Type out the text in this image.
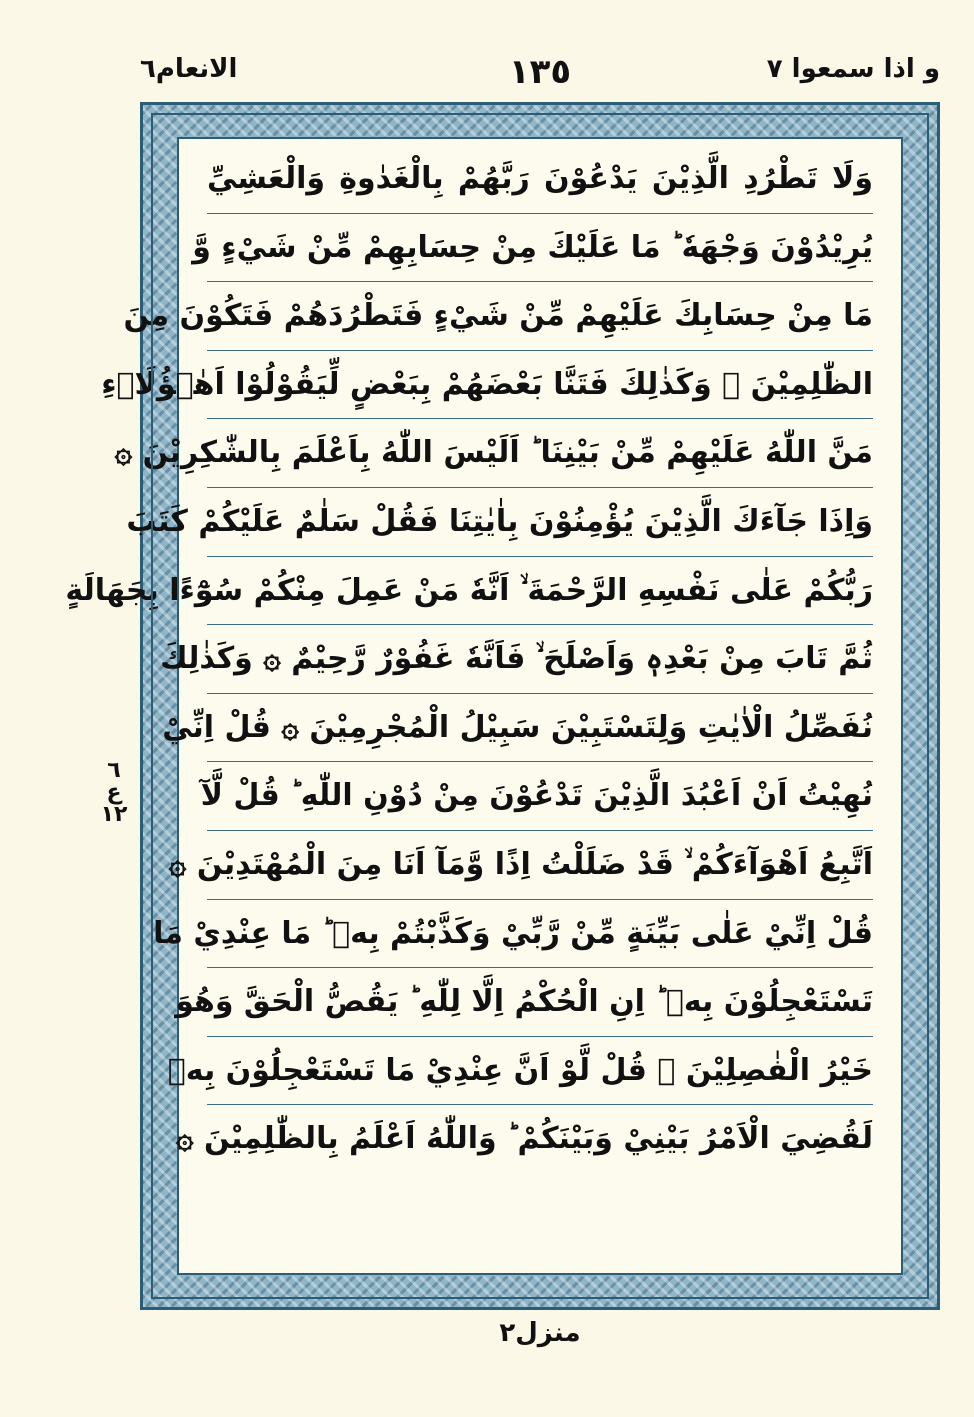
الانعام٦	١٣٥	و اذا سمعوا ٧
وَلَا تَطْرُدِ الَّذِيْنَ يَدْعُوْنَ رَبَّهُمْ بِالْغَدٰوةِ وَالْعَشِيِّ
يُرِيْدُوْنَ وَجْهَهٗ ؕ مَا عَلَيْكَ مِنْ حِسَابِهِمْ مِّنْ شَيْءٍ وَّ
مَا مِنْ حِسَابِكَ عَلَيْهِمْ مِّنْ شَيْءٍ فَتَطْرُدَهُمْ فَتَكُوْنَ مِنَ
الظّٰلِمِيْنَ ۞ وَكَذٰلِكَ فَتَنَّا بَعْضَهُمْ بِبَعْضٍ لِّيَقُوْلُوْا اَهٰۤؤُلَاۤءِ
مَنَّ اللّٰهُ عَلَيْهِمْ مِّنْ بَيْنِنَا ؕ اَلَيْسَ اللّٰهُ بِاَعْلَمَ بِالشّٰكِرِيْنَ ۞
وَاِذَا جَآءَكَ الَّذِيْنَ يُؤْمِنُوْنَ بِاٰيٰتِنَا فَقُلْ سَلٰمٌ عَلَيْكُمْ كَتَبَ
رَبُّكُمْ عَلٰى نَفْسِهِ الرَّحْمَةَ ۙ اَنَّهٗ مَنْ عَمِلَ مِنْكُمْ سُوْٓءًا بِجَهَالَةٍ
ثُمَّ تَابَ مِنْ بَعْدِهٖ وَاَصْلَحَ ۙ فَاَنَّهٗ غَفُوْرٌ رَّحِيْمٌ ۞ وَكَذٰلِكَ
نُفَصِّلُ الْاٰيٰتِ وَلِتَسْتَبِيْنَ سَبِيْلُ الْمُجْرِمِيْنَ ۞ قُلْ اِنِّيْ
نُهِيْتُ اَنْ اَعْبُدَ الَّذِيْنَ تَدْعُوْنَ مِنْ دُوْنِ اللّٰهِ ؕ قُلْ لَّآ
اَتَّبِعُ اَهْوَآءَكُمْ ۙ قَدْ ضَلَلْتُ اِذًا وَّمَآ اَنَا مِنَ الْمُهْتَدِيْنَ ۞
قُلْ اِنِّيْ عَلٰى بَيِّنَةٍ مِّنْ رَّبِّيْ وَكَذَّبْتُمْ بِهٖ ؕ مَا عِنْدِيْ مَا
تَسْتَعْجِلُوْنَ بِهٖ ؕ اِنِ الْحُكْمُ اِلَّا لِلّٰهِ ؕ يَقُصُّ الْحَقَّ وَهُوَ
خَيْرُ الْفٰصِلِيْنَ ۞ قُلْ لَّوْ اَنَّ عِنْدِيْ مَا تَسْتَعْجِلُوْنَ بِهٖ
لَقُضِيَ الْاَمْرُ بَيْنِيْ وَبَيْنَكُمْ ؕ وَاللّٰهُ اَعْلَمُ بِالظّٰلِمِيْنَ ۞
٦
ع
١٢
منزل٢
